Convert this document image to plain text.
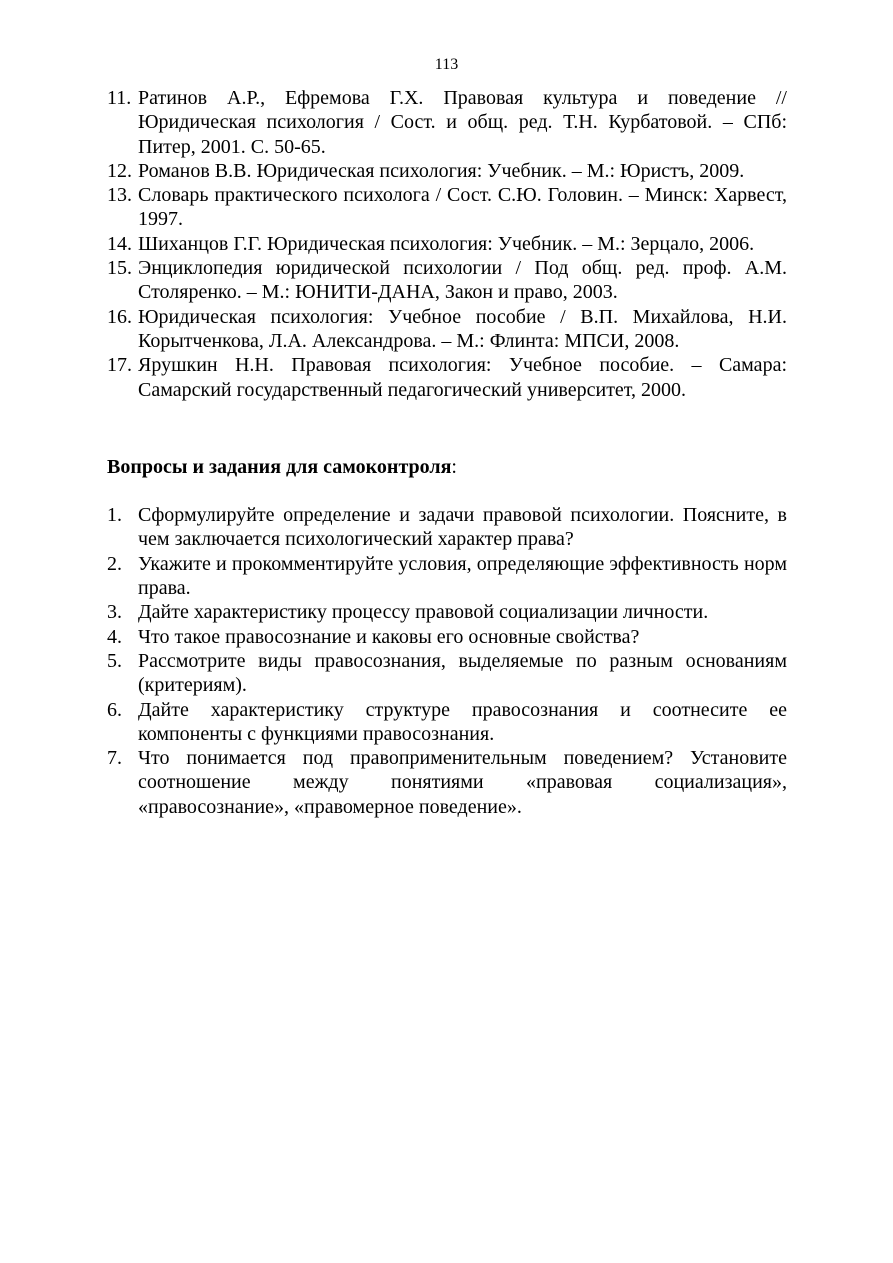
113
11. Ратинов А.Р., Ефремова Г.Х. Правовая культура и поведение // Юридическая психология / Сост. и общ. ред. Т.Н. Курбатовой. – СПб: Питер, 2001. С. 50-65.
12. Романов В.В. Юридическая психология: Учебник. – М.: Юристъ, 2009.
13. Словарь практического психолога / Сост. С.Ю. Головин. – Минск: Харвест, 1997.
14. Шиханцов Г.Г. Юридическая психология: Учебник. – М.: Зерцало, 2006.
15. Энциклопедия юридической психологии / Под общ. ред. проф. А.М. Столяренко. – М.: ЮНИТИ-ДАНА, Закон и право, 2003.
16. Юридическая психология: Учебное пособие / В.П. Михайлова, Н.И. Корытченкова, Л.А. Александрова. – М.: Флинта: МПСИ, 2008.
17. Ярушкин Н.Н. Правовая психология: Учебное пособие. – Самара: Самарский государственный педагогический университет, 2000.
Вопросы и задания для самоконтроля:
1. Сформулируйте определение и задачи правовой психологии. Поясните, в чем заключается психологический характер права?
2. Укажите и прокомментируйте условия, определяющие эффективность норм права.
3. Дайте характеристику процессу правовой социализации личности.
4. Что такое правосознание и каковы его основные свойства?
5. Рассмотрите виды правосознания, выделяемые по разным основаниям (критериям).
6. Дайте характеристику структуре правосознания и соотнесите ее компоненты с функциями правосознания.
7. Что понимается под правоприменительным поведением? Установите соотношение между понятиями «правовая социализация», «правосознание», «правомерное поведение».
